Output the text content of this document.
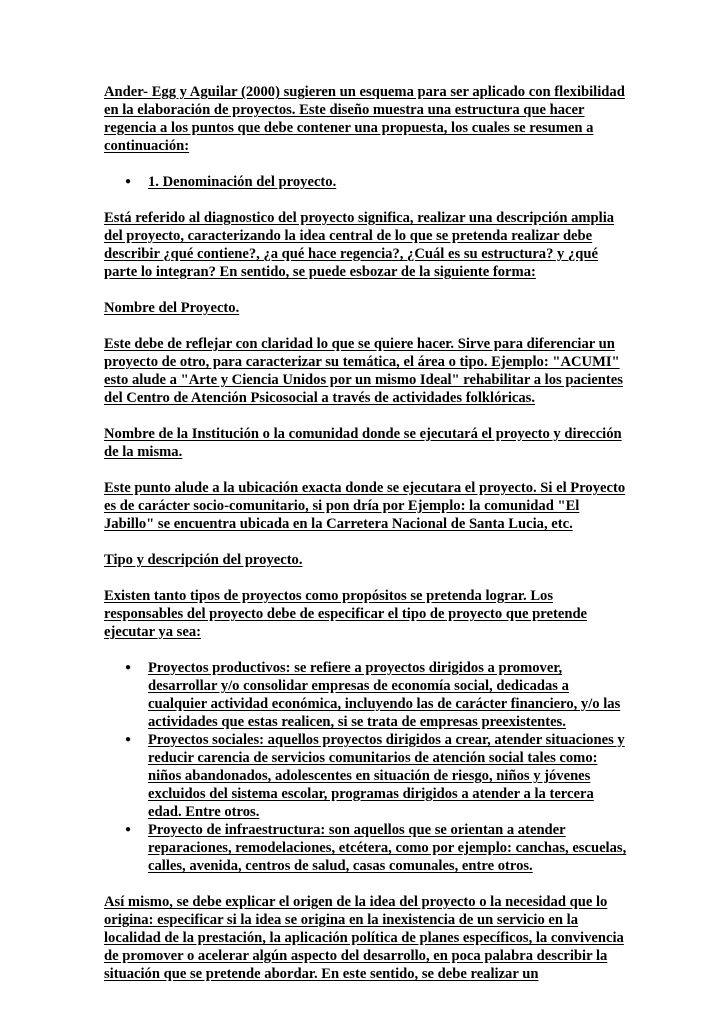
Ander- Egg y Aguilar (2000) sugieren un esquema para ser aplicado con flexibilidad en la elaboración de proyectos. Este diseño muestra una estructura que hacer regencia a los puntos que debe contener una propuesta, los cuales se resumen a continuación:

● 1. Denominación del proyecto.

Está referido al diagnostico del proyecto significa, realizar una descripción amplia del proyecto, caracterizando la idea central de lo que se pretenda realizar debe describir ¿qué contiene?, ¿a qué hace regencia?, ¿Cuál es su estructura? y ¿qué parte lo integran? En sentido, se puede esbozar de la siguiente forma:

Nombre del Proyecto.

Este debe de reflejar con claridad lo que se quiere hacer. Sirve para diferenciar un proyecto de otro, para caracterizar su temática, el área o tipo. Ejemplo: "ACUMI" esto alude a "Arte y Ciencia Unidos por un mismo Ideal" rehabilitar a los pacientes del Centro de Atención Psicosocial a través de actividades folklóricas.

Nombre de la Institución o la comunidad donde se ejecutará el proyecto y dirección de la misma.

Este punto alude a la ubicación exacta donde se ejecutara el proyecto. Si el Proyecto es de carácter socio-comunitario, si pon dría por Ejemplo: la comunidad "El Jabillo" se encuentra ubicada en la Carretera Nacional de Santa Lucia, etc.

Tipo y descripción del proyecto.

Existen tanto tipos de proyectos como propósitos se pretenda lograr. Los responsables del proyecto debe de especificar el tipo de proyecto que pretende ejecutar ya sea:

● Proyectos productivos: se refiere a proyectos dirigidos a promover, desarrollar y/o consolidar empresas de economía social, dedicadas a cualquier actividad económica, incluyendo las de carácter financiero, y/o las actividades que estas realicen, si se trata de empresas preexistentes.
● Proyectos sociales: aquellos proyectos dirigidos a crear, atender situaciones y reducir carencia de servicios comunitarios de atención social tales como: niños abandonados, adolescentes en situación de riesgo, niños y jóvenes excluidos del sistema escolar, programas dirigidos a atender a la tercera edad. Entre otros.
● Proyecto de infraestructura: son aquellos que se orientan a atender reparaciones, remodelaciones, etcétera, como por ejemplo: canchas, escuelas, calles, avenida, centros de salud, casas comunales, entre otros.

Así mismo, se debe explicar el origen de la idea del proyecto o la necesidad que lo origina: especificar si la idea se origina en la inexistencia de un servicio en la localidad de la prestación, la aplicación política de planes específicos, la convivencia de promover o acelerar algún aspecto del desarrollo, en poca palabra describir la situación que se pretende abordar. En este sentido, se debe realizar un
